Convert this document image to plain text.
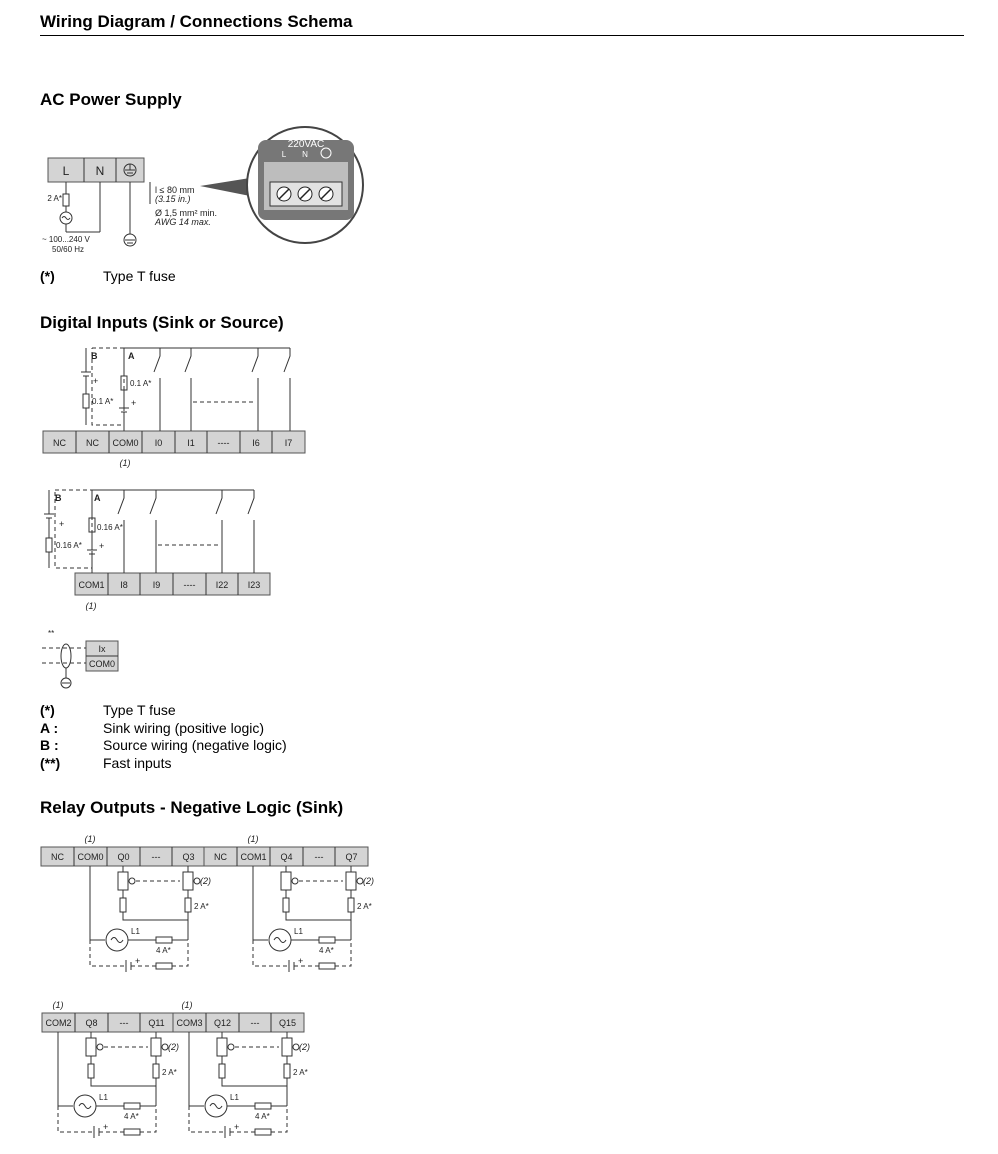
Wiring Diagram / Connections Schema
AC Power Supply
L N
2 A*
~ 100...240 V
50/60 Hz
l ≤ 80 mm
(3.15 in.)
Ø 1,5 mm² min.
AWG 14 max.
220VAC
L N
(*)	Type T fuse
Digital Inputs (Sink or Source)
NC NC COM0 I0	I1	----	I6	I7
(1)
B	A
+
0.1 A*
0.1 A*
+
COM1 I8	I9	---- I22 I23
(1)
B	A
+
0.16 A*
0.16 A*
+
**
Ix
COM0
(*)	Type T fuse
A :	Sink wiring (positive logic)
B :	Source wiring (negative logic)
(**)	Fast inputs
Relay Outputs - Negative Logic (Sink)
(1)
NC COM0 Q0 --- Q3
(2)
2 A*
L1
4 A*
+
(1)
NC COM1 Q4 --- Q7
(2)
2 A*
L1
4 A*
+
(1)
COM2 Q8 --- Q11
(2)
2 A*
L1
4 A*
+
(1)
COM3 Q12 --- Q15
(2)
2 A*
L1
4 A*
+
